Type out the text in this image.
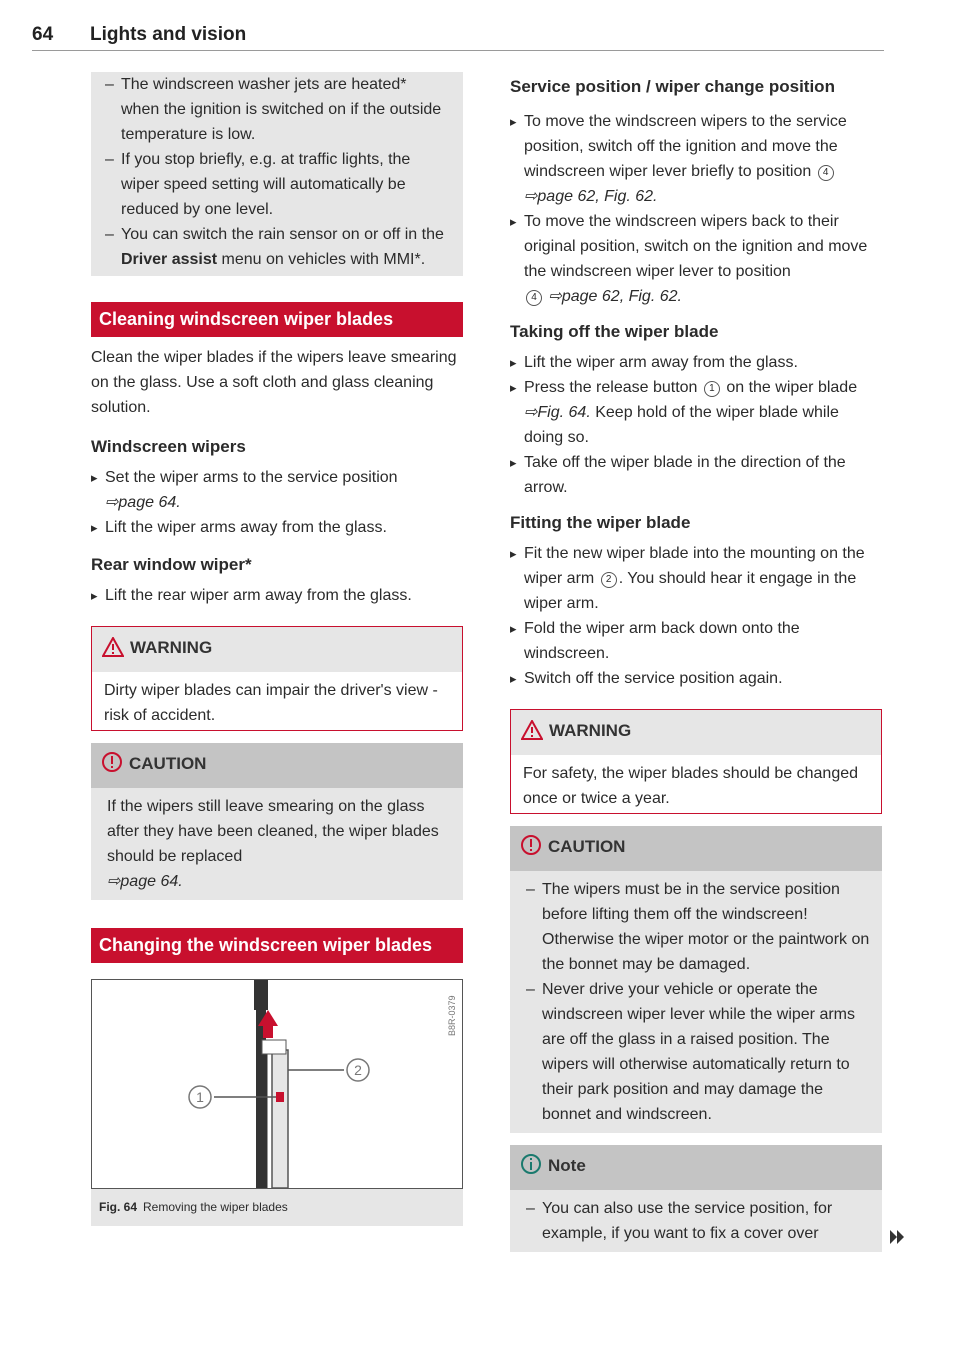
64 Lights and vision
– The windscreen washer jets are heated* when the ignition is switched on if the outside temperature is low.
– If you stop briefly, e.g. at traffic lights, the wiper speed setting will automatically be reduced by one level.
– You can switch the rain sensor on or off in the Driver assist menu on vehicles with MMI*.
Cleaning windscreen wiper blades

Clean the wiper blades if the wipers leave smearing on the glass. Use a soft cloth and glass cleaning solution.

Windscreen wipers
▸ Set the wiper arms to the service position
⇨page 64.
▸ Lift the wiper arms away from the glass.
Rear window wiper*
▸ Lift the rear wiper arm away from the glass.
WARNING
Dirty wiper blades can impair the driver's view - risk of accident.
CAUTION
If the wipers still leave smearing on the glass after they have been cleaned, the wiper blades should be replaced
⇨page 64.
Changing the windscreen wiper blades
1
2
B8R-0379
Fig. 64 Removing the wiper blades
Service position / wiper change position
▸ To move the windscreen wipers to the service position, switch off the ignition and move the windscreen wiper lever briefly to position 4 ⇨page 62, Fig. 62.
▸ To move the windscreen wipers back to their original position, switch on the ignition and move the windscreen wiper lever to position
4 ⇨page 62, Fig. 62.
Taking off the wiper blade
▸ Lift the wiper arm away from the glass.
▸ Press the release button 1 on the wiper blade ⇨Fig. 64. Keep hold of the wiper blade while doing so.
▸ Take off the wiper blade in the direction of the arrow.
Fitting the wiper blade
▸ Fit the new wiper blade into the mounting on the wiper arm 2 . You should hear it engage in the wiper arm.
▸ Fold the wiper arm back down onto the windscreen.
▸ Switch off the service position again.
WARNING
For safety, the wiper blades should be changed once or twice a year.
CAUTION
– The wipers must be in the service position before lifting them off the windscreen! Otherwise the wiper motor or the paintwork on the bonnet may be damaged.
– Never drive your vehicle or operate the windscreen wiper lever while the wiper arms are off the glass in a raised position. The wipers will otherwise automatically return to their park position and may damage the bonnet and windscreen.
Note
– You can also use the service position, for example, if you want to fix a cover over
